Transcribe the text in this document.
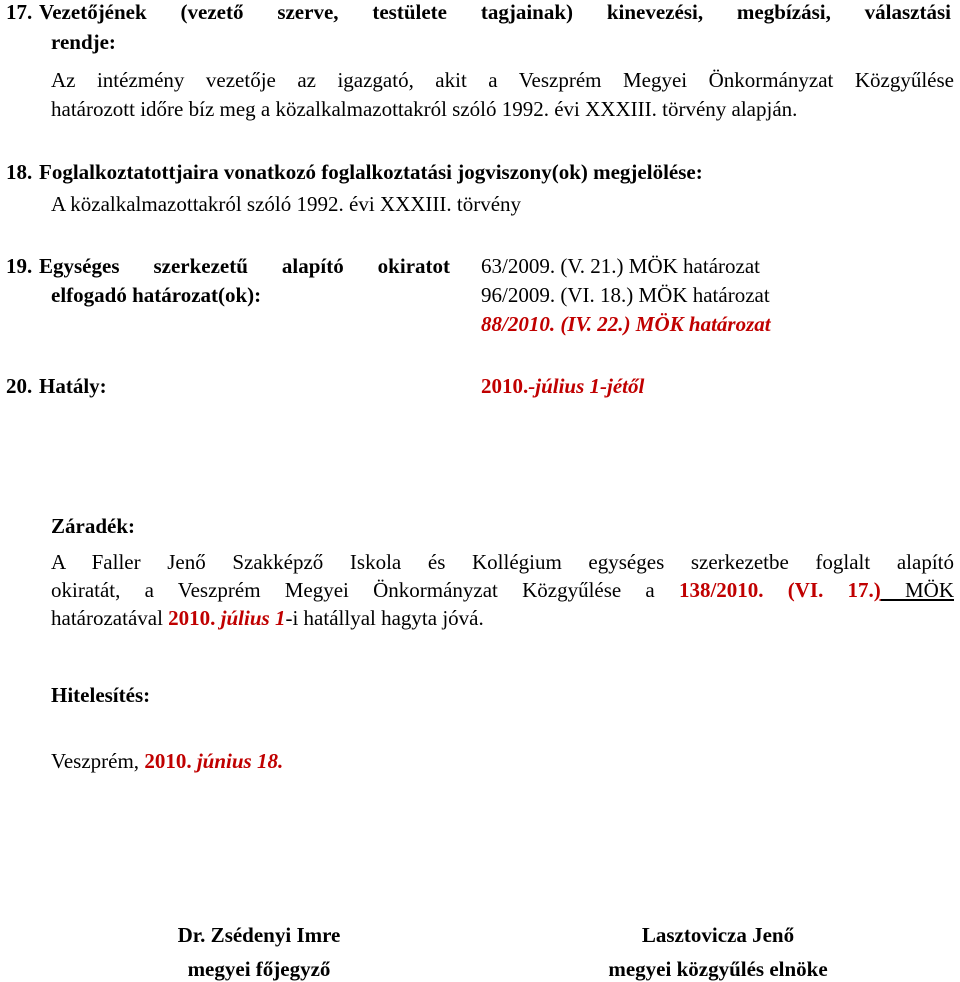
17. Vezetőjének (vezető szerve, testülete tagjainak) kinevezési, megbízási, választási
rendje:
Az intézmény vezetője az igazgató, akit a Veszprém Megyei Önkormányzat Közgyűlése
határozott időre bíz meg a közalkalmazottakról szóló 1992. évi XXXIII. törvény alapján.
18. Foglalkoztatottjaira vonatkozó foglalkoztatási jogviszony(ok) megjelölése:
A közalkalmazottakról szóló 1992. évi XXXIII. törvény
19. Egységes szerkezetű alapító okiratot
elfogadó határozat(ok):
63/2009. (V. 21.) MÖK határozat
96/2009. (VI. 18.) MÖK határozat
88/2010. (IV. 22.) MÖK határozat
20. Hatály:	2010.-július 1-jétől
Záradék:
A Faller Jenő Szakképző Iskola és Kollégium egységes szerkezetbe foglalt alapító
okiratát, a Veszprém Megyei Önkormányzat Közgyűlése a 138/2010. (VI. 17.) MÖK
határozatával 2010. július 1-i hatállyal hagyta jóvá.
Hitelesítés:
Veszprém, 2010. június 18.
Dr. Zsédenyi Imre
megyei főjegyző
Lasztovicza Jenő
megyei közgyűlés elnöke
